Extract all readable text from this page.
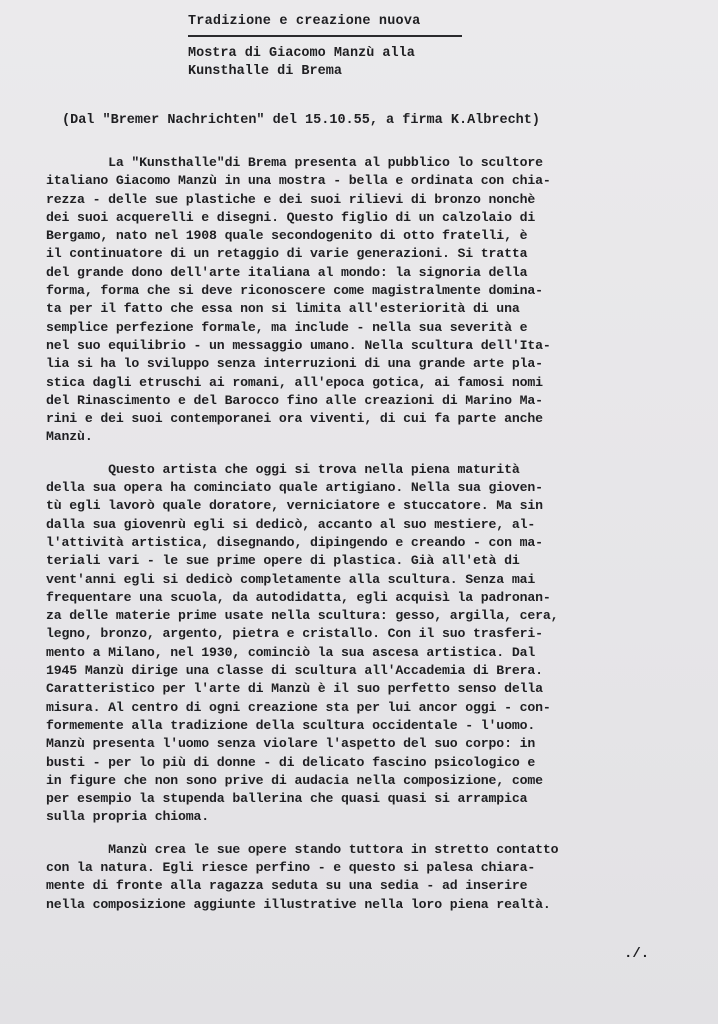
Tradizione e creazione nuova
Mostra di Giacomo Manzù alla
Kunsthalle di Brema
(Dal "Bremer Nachrichten" del 15.10.55, a firma K.Albrecht)
La "Kunsthalle"di Brema presenta al pubblico lo scultore
italiano Giacomo Manzù in una mostra - bella e ordinata con chia-
rezza - delle sue plastiche e dei suoi rilievi di bronzo nonchè
dei suoi acquerelli e disegni. Questo figlio di un calzolaio di
Bergamo, nato nel 1908 quale secondogenito di otto fratelli, è
il continuatore di un retaggio di varie generazioni. Si tratta
del grande dono dell'arte italiana al mondo: la signoria della
forma, forma che si deve riconoscere come magistralmente domina-
ta per il fatto che essa non si limita all'esteriorità di una
semplice perfezione formale, ma include - nella sua severità e
nel suo equilibrio - un messaggio umano. Nella scultura dell'Ita-
lia si ha lo sviluppo senza interruzioni di una grande arte pla-
stica dagli etruschi ai romani, all'epoca gotica, ai famosi nomi
del Rinascimento e del Barocco fino alle creazioni di Marino Ma-
rini e dei suoi contemporanei ora viventi, di cui fa parte anche
Manzù.
Questo artista che oggi si trova nella piena maturità
della sua opera ha cominciato quale artigiano. Nella sua gioven-
tù egli lavorò quale doratore, verniciatore e stuccatore. Ma sin
dalla sua giovenrù egli si dedicò, accanto al suo mestiere, al-
l'attività artistica, disegnando, dipingendo e creando - con ma-
teriali vari - le sue prime opere di plastica. Già all'età di
vent'anni egli si dedicò completamente alla scultura. Senza mai
frequentare una scuola, da autodidatta, egli acquisì la padronan-
za delle materie prime usate nella scultura: gesso, argilla, cera,
legno, bronzo, argento, pietra e cristallo. Con il suo trasferi-
mento a Milano, nel 1930, cominciò la sua ascesa artistica. Dal
1945 Manzù dirige una classe di scultura all'Accademia di Brera.
Caratteristico per l'arte di Manzù è il suo perfetto senso della
misura. Al centro di ogni creazione sta per lui ancor oggi - con-
formemente alla tradizione della scultura occidentale - l'uomo.
Manzù presenta l'uomo senza violare l'aspetto del suo corpo: in
busti - per lo più di donne - di delicato fascino psicologico e
in figure che non sono prive di audacia nella composizione, come
per esempio la stupenda ballerina che quasi quasi si arrampica
sulla propria chioma.
Manzù crea le sue opere stando tuttora in stretto contatto
con la natura. Egli riesce perfino - e questo si palesa chiara-
mente di fronte alla ragazza seduta su una sedia - ad inserire
nella composizione aggiunte illustrative nella loro piena realtà.
./.
